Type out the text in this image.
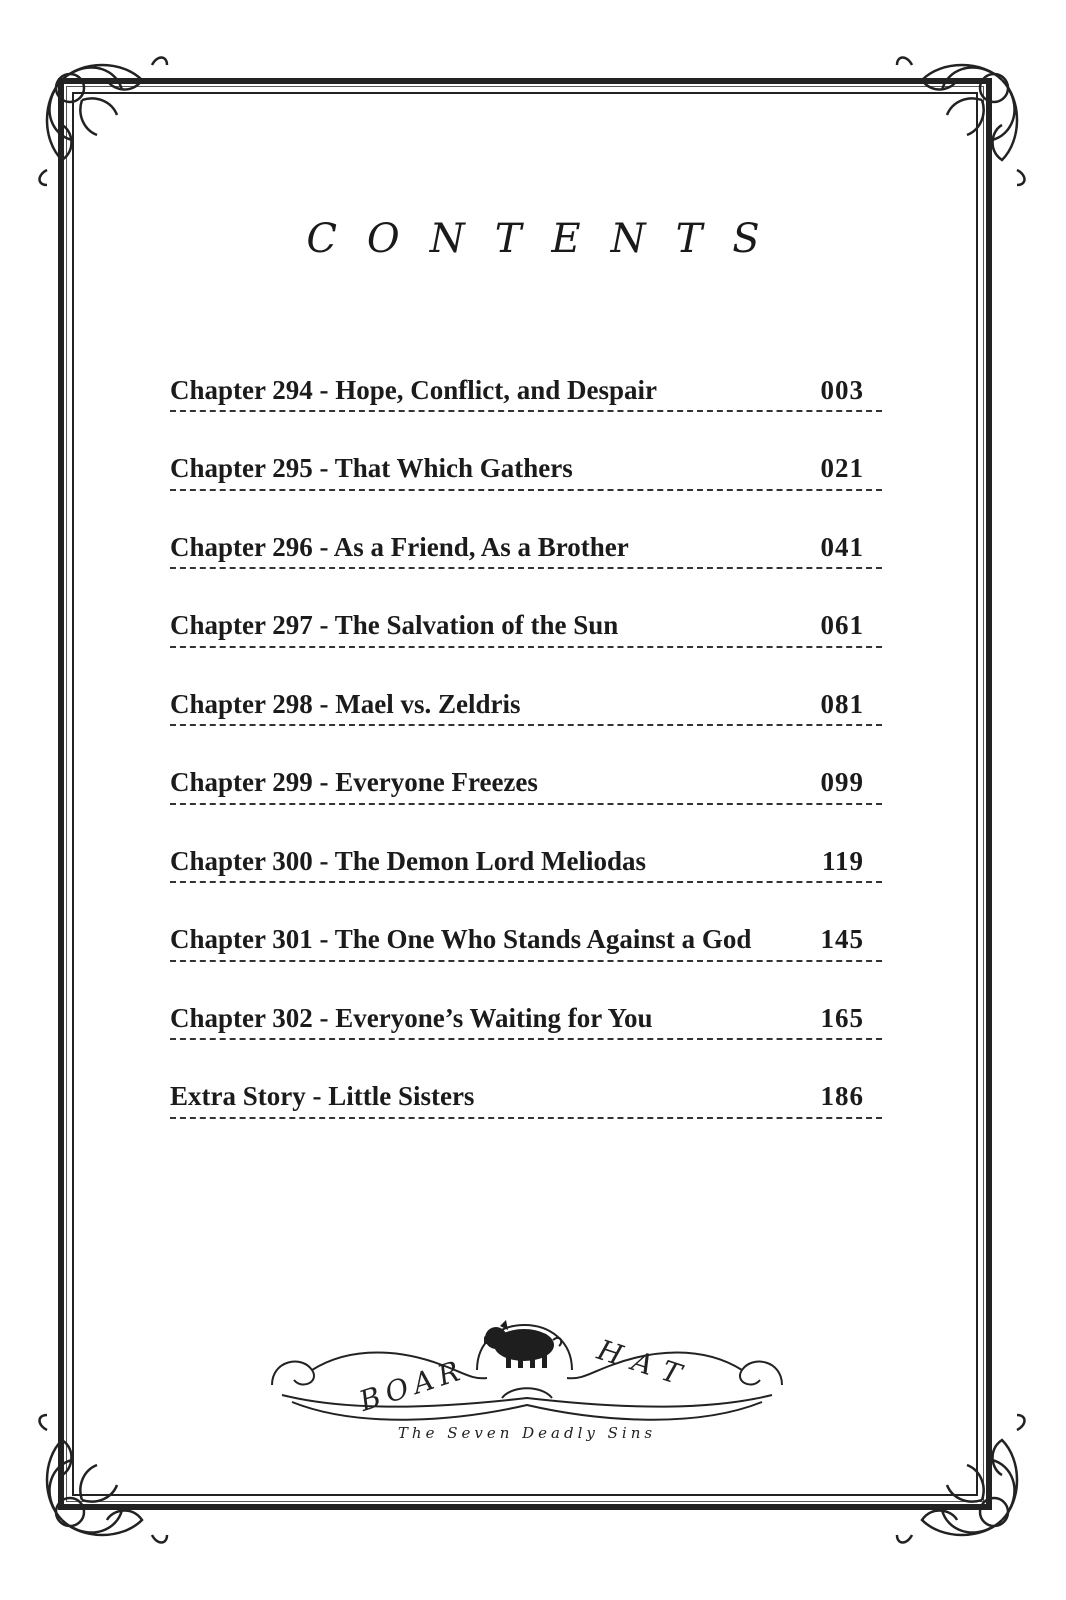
CONTENTS
Chapter 294 - Hope, Conflict, and Despair	003
Chapter 295 - That Which Gathers	021
Chapter 296 - As a Friend, As a Brother	041
Chapter 297 - The Salvation of the Sun	061
Chapter 298 - Mael vs. Zeldris	081
Chapter 299 - Everyone Freezes	099
Chapter 300 - The Demon Lord Meliodas	119
Chapter 301 - The One Who Stands Against a God	145
Chapter 302 - Everyone’s Waiting for You	165
Extra Story - Little Sisters	186
BOAR	HAT
The Seven Deadly Sins
